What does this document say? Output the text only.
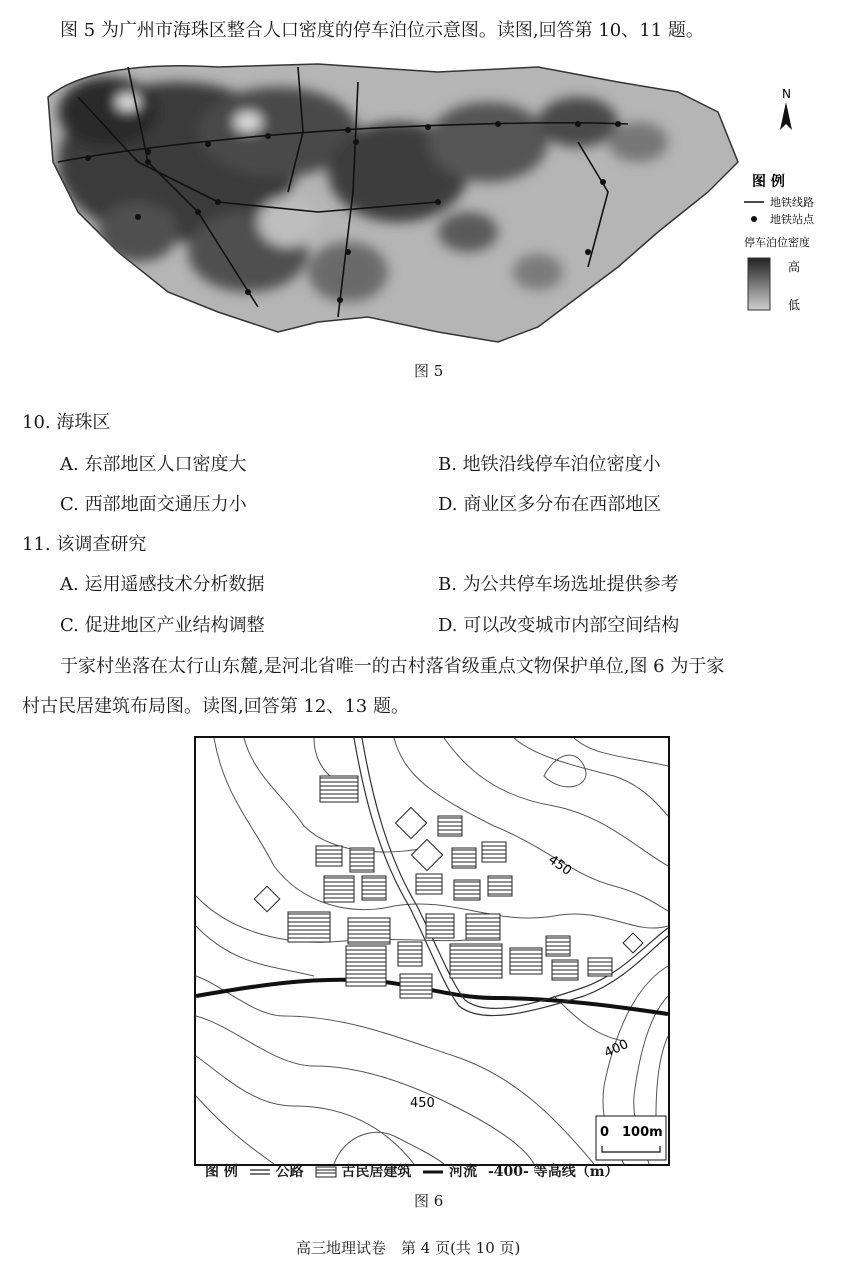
图 5 为广州市海珠区整合人口密度的停车泊位示意图。读图,回答第 10、11 题。
N
图 例
地铁线路
地铁站点
停车泊位密度
高
低
图 5
10. 海珠区
A. 东部地区人口密度大	B. 地铁沿线停车泊位密度小
C. 西部地面交通压力小	D. 商业区多分布在西部地区
11. 该调查研究
A. 运用遥感技术分析数据	B. 为公共停车场选址提供参考
C. 促进地区产业结构调整	D. 可以改变城市内部空间结构
于家村坐落在太行山东麓,是河北省唯一的古村落省级重点文物保护单位,图 6 为于家
村古民居建筑布局图。读图,回答第 12、13 题。
450
400
450
0 100m
图 例	公路	古民居建筑	河流 -400- 等高线（m）
图 6
高三地理试卷　第 4 页(共 10 页)
